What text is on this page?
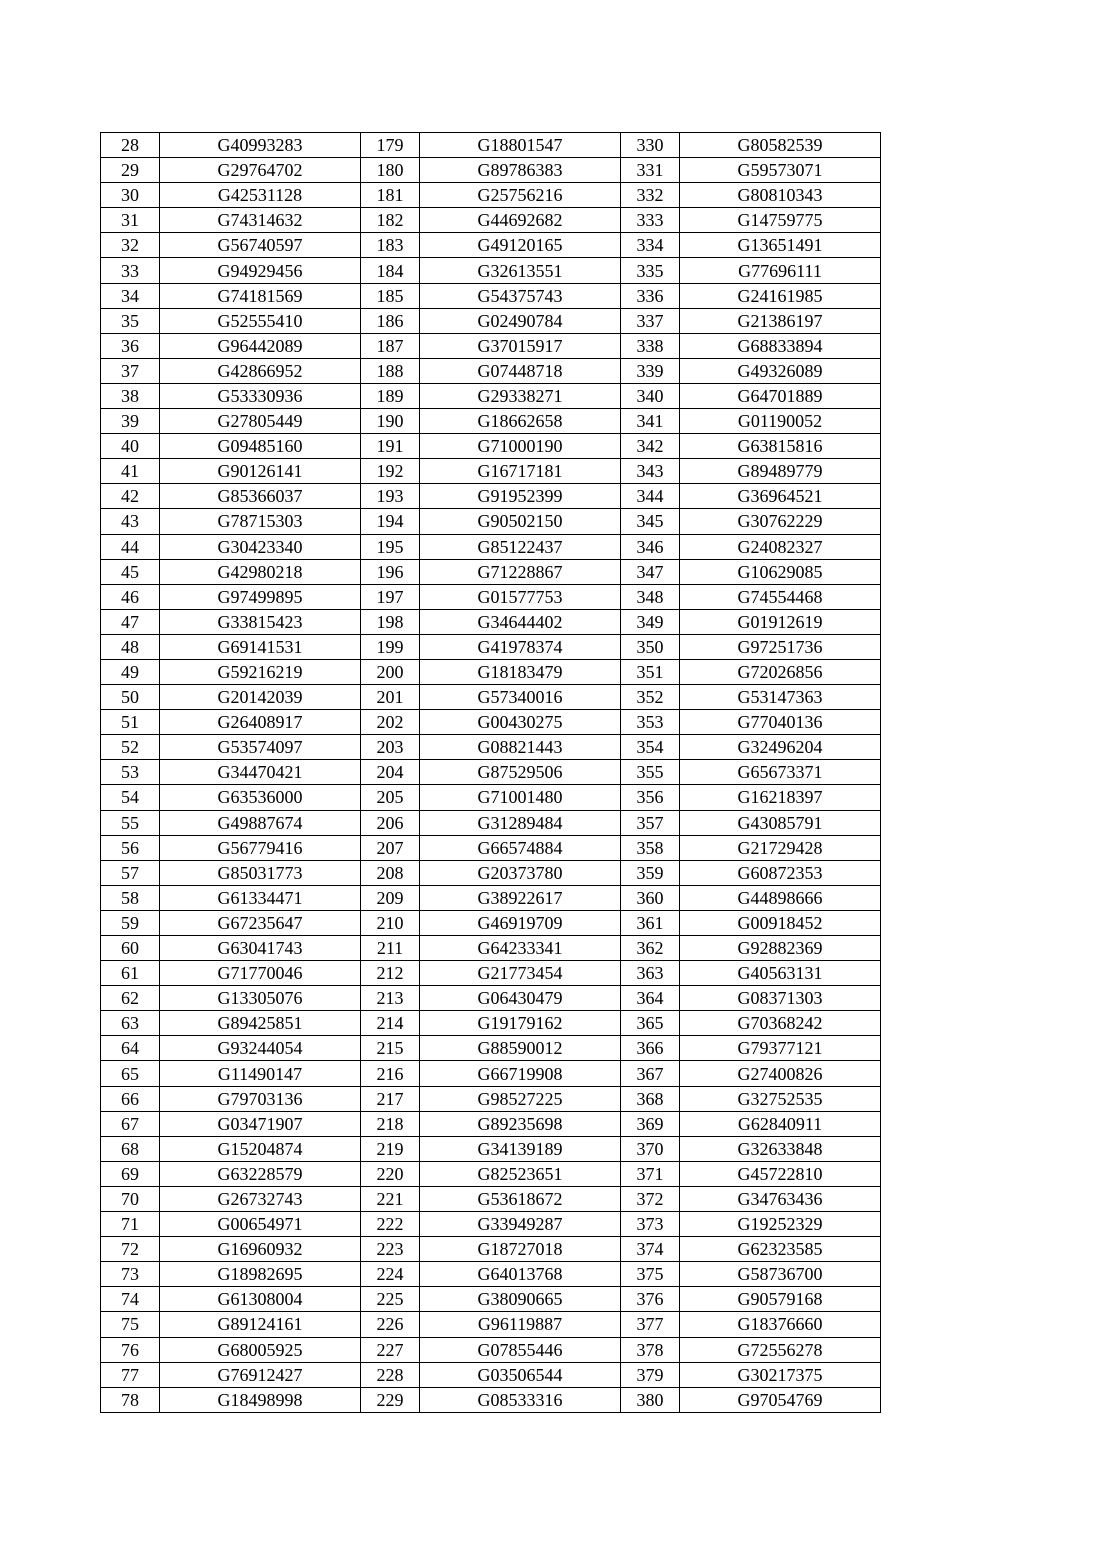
28	G40993283	179	G18801547	330	G80582539
29	G29764702	180	G89786383	331	G59573071
30	G42531128	181	G25756216	332	G80810343
31	G74314632	182	G44692682	333	G14759775
32	G56740597	183	G49120165	334	G13651491
33	G94929456	184	G32613551	335	G77696111
34	G74181569	185	G54375743	336	G24161985
35	G52555410	186	G02490784	337	G21386197
36	G96442089	187	G37015917	338	G68833894
37	G42866952	188	G07448718	339	G49326089
38	G53330936	189	G29338271	340	G64701889
39	G27805449	190	G18662658	341	G01190052
40	G09485160	191	G71000190	342	G63815816
41	G90126141	192	G16717181	343	G89489779
42	G85366037	193	G91952399	344	G36964521
43	G78715303	194	G90502150	345	G30762229
44	G30423340	195	G85122437	346	G24082327
45	G42980218	196	G71228867	347	G10629085
46	G97499895	197	G01577753	348	G74554468
47	G33815423	198	G34644402	349	G01912619
48	G69141531	199	G41978374	350	G97251736
49	G59216219	200	G18183479	351	G72026856
50	G20142039	201	G57340016	352	G53147363
51	G26408917	202	G00430275	353	G77040136
52	G53574097	203	G08821443	354	G32496204
53	G34470421	204	G87529506	355	G65673371
54	G63536000	205	G71001480	356	G16218397
55	G49887674	206	G31289484	357	G43085791
56	G56779416	207	G66574884	358	G21729428
57	G85031773	208	G20373780	359	G60872353
58	G61334471	209	G38922617	360	G44898666
59	G67235647	210	G46919709	361	G00918452
60	G63041743	211	G64233341	362	G92882369
61	G71770046	212	G21773454	363	G40563131
62	G13305076	213	G06430479	364	G08371303
63	G89425851	214	G19179162	365	G70368242
64	G93244054	215	G88590012	366	G79377121
65	G11490147	216	G66719908	367	G27400826
66	G79703136	217	G98527225	368	G32752535
67	G03471907	218	G89235698	369	G62840911
68	G15204874	219	G34139189	370	G32633848
69	G63228579	220	G82523651	371	G45722810
70	G26732743	221	G53618672	372	G34763436
71	G00654971	222	G33949287	373	G19252329
72	G16960932	223	G18727018	374	G62323585
73	G18982695	224	G64013768	375	G58736700
74	G61308004	225	G38090665	376	G90579168
75	G89124161	226	G96119887	377	G18376660
76	G68005925	227	G07855446	378	G72556278
77	G76912427	228	G03506544	379	G30217375
78	G18498998	229	G08533316	380	G97054769
